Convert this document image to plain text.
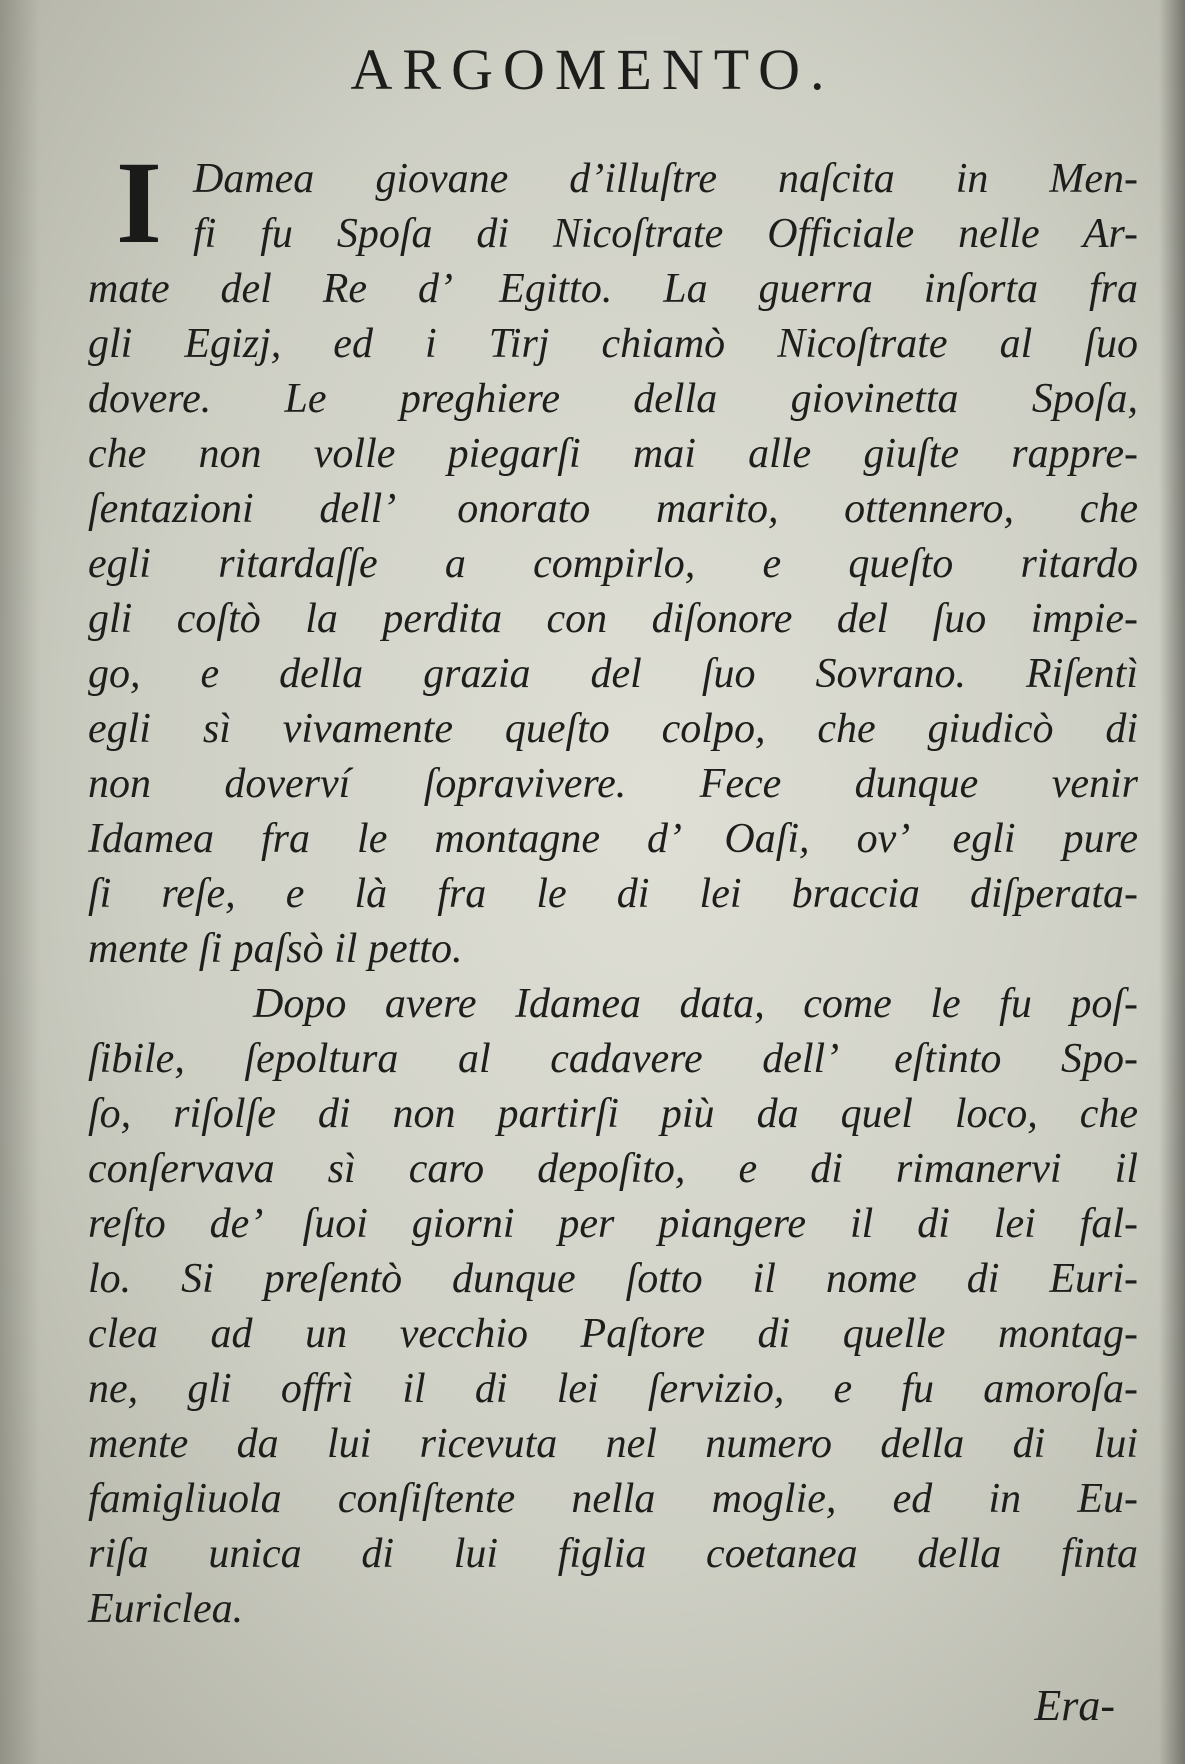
ARGOMENTO.
I Damea giovane d’illuſtre naſcita in Men-
fi fu Spoſa di Nicoſtrate Officiale nelle Ar-
mate del Re d’ Egitto. La guerra inſorta fra
gli Egizj, ed i Tirj chiamò Nicoſtrate al ſuo
dovere. Le preghiere della giovinetta Spoſa,
che non volle piegarſi mai alle giuſte rappre-
ſentazioni dell’ onorato marito, ottennero, che
egli ritardaſſe a compirlo, e queſto ritardo
gli coſtò la perdita con diſonore del ſuo impie-
go, e della grazia del ſuo Sovrano. Riſentì
egli sì vivamente queſto colpo, che giudicò di
non doverví ſopravivere. Fece dunque venir
Idamea fra le montagne d’ Oaſi, ov’ egli pure
ſi reſe, e là fra le di lei braccia diſperata-
mente ſi paſsò il petto.
Dopo avere Idamea data, come le fu poſ-
ſibile, ſepoltura al cadavere dell’ eſtinto Spo-
ſo, riſolſe di non partirſi più da quel loco, che
conſervava sì caro depoſito, e di rimanervi il
reſto de’ ſuoi giorni per piangere il di lei fal-
lo. Si preſentò dunque ſotto il nome di Euri-
clea ad un vecchio Paſtore di quelle montag-
ne, gli offrì il di lei ſervizio, e fu amoroſa-
mente da lui ricevuta nel numero della di lui
famigliuola conſiſtente nella moglie, ed in Eu-
riſa unica di lui figlia coetanea della finta
Euriclea.
Era-
